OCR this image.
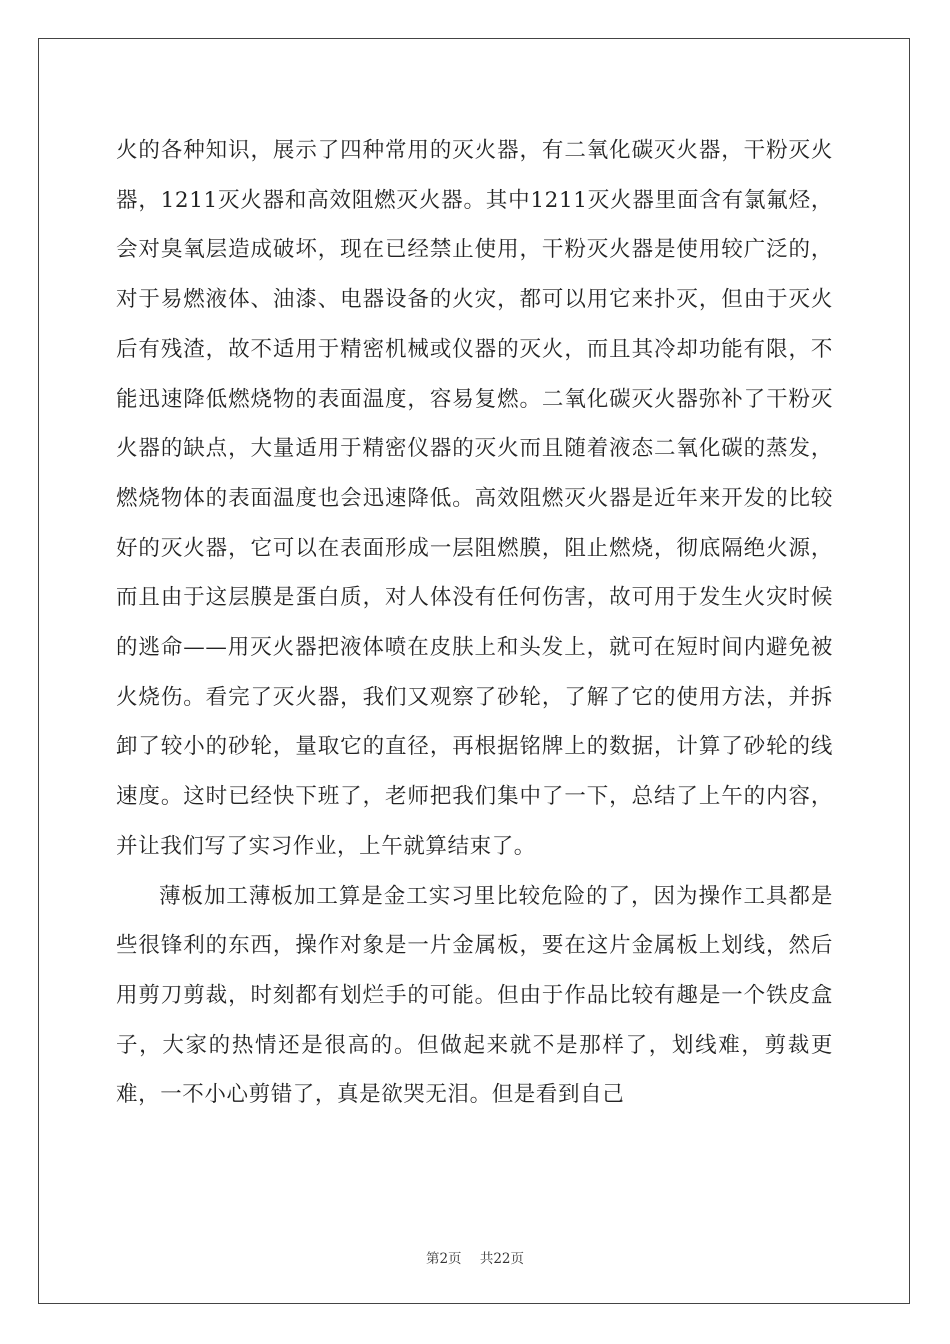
火的各种知识，展示了四种常用的灭火器，有二氧化碳灭火器，干粉灭火器，1211灭火器和高效阻燃灭火器。其中1211灭火器里面含有氯氟烃，会对臭氧层造成破坏，现在已经禁止使用，干粉灭火器是使用较广泛的，对于易燃液体、油漆、电器设备的火灾，都可以用它来扑灭，但由于灭火后有残渣，故不适用于精密机械或仪器的灭火，而且其冷却功能有限，不能迅速降低燃烧物的表面温度，容易复燃。二氧化碳灭火器弥补了干粉灭火器的缺点，大量适用于精密仪器的灭火而且随着液态二氧化碳的蒸发，燃烧物体的表面温度也会迅速降低。高效阻燃灭火器是近年来开发的比较好的灭火器，它可以在表面形成一层阻燃膜，阻止燃烧，彻底隔绝火源，而且由于这层膜是蛋白质，对人体没有任何伤害，故可用于发生火灾时候的逃命——用灭火器把液体喷在皮肤上和头发上，就可在短时间内避免被火烧伤。看完了灭火器，我们又观察了砂轮，了解了它的使用方法，并拆卸了较小的砂轮，量取它的直径，再根据铭牌上的数据，计算了砂轮的线速度。这时已经快下班了，老师把我们集中了一下，总结了上午的内容，并让我们写了实习作业，上午就算结束了。

薄板加工薄板加工算是金工实习里比较危险的了，因为操作工具都是些很锋利的东西，操作对象是一片金属板，要在这片金属板上划线，然后用剪刀剪裁，时刻都有划烂手的可能。但由于作品比较有趣是一个铁皮盒子，大家的热情还是很高的。但做起来就不是那样了，划线难，剪裁更难，一不小心剪错了，真是欲哭无泪。但是看到自己

第2页 共22页
